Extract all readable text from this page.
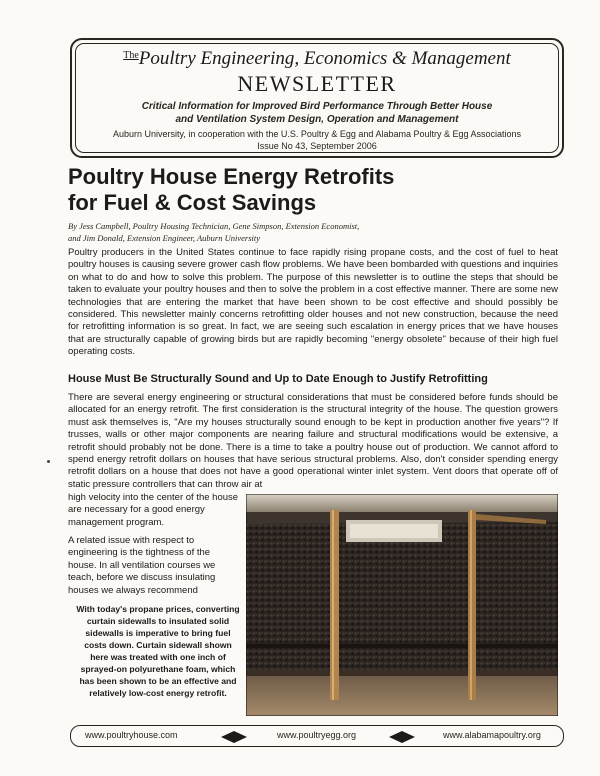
$^{The}$Poultry Engineering, Economics & Management
NEWSLETTER
Critical Information for Improved Bird Performance Through Better House
and Ventilation System Design, Operation and Management
Auburn University, in cooperation with the U.S. Poultry & Egg and Alabama Poultry & Egg Associations
Issue No 43, September 2006
Poultry House Energy Retrofits
for Fuel & Cost Savings
By Jess Campbell, Poultry Housing Technician, Gene Simpson, Extension Economist,
and Jim Donald, Extension Engineer, Auburn University

Poultry producers in the United States continue to face rapidly rising propane costs, and the cost of fuel to heat poultry houses is causing severe grower cash flow problems. We have been bombarded with questions and inquiries on what to do and how to solve this problem. The purpose of this newsletter is to outline the steps that should be taken to evaluate your poultry houses and then to solve the problem in a cost effective manner. There are some new technologies that are entering the market that have been shown to be cost effective and should possibly be considered. This newsletter mainly concerns retrofitting older houses and not new construction, because the need for retrofitting information is so great. In fact, we are seeing such escalation in energy prices that we have houses that are structurally capable of growing birds but are rapidly becoming "energy obsolete" because of their high fuel operating costs.

House Must Be Structurally Sound and Up to Date Enough to Justify Retrofitting

There are several energy engineering or structural considerations that must be considered before funds should be allocated for an energy retrofit. The first consideration is the structural integrity of the house. The question growers must ask themselves is, "Are my houses structurally sound enough to be kept in production another five years"? If trusses, walls or other major components are nearing failure and structural modifications would be extensive, a retrofit should probably not be done. There is a time to take a poultry house out of production. We cannot afford to spend energy retrofit dollars on houses that have serious structural problems. Also, don't consider spending energy retrofit dollars on a house that does not have a good operational winter inlet system. Vent doors that operate off of static pressure controllers that can throw air at

high velocity into the center of the house are necessary for a good energy management program.

A related issue with respect to engineering is the tightness of the house. In all ventilation courses we teach, before we discuss insulating houses we always recommend

With today's propane prices, converting curtain sidewalls to insulated solid sidewalls is imperative to bring fuel costs down. Curtain sidewall shown here was treated with one inch of sprayed-on polyurethane foam, which has been shown to be an effective and relatively low-cost energy retrofit.
www.poultryhouse.com	www.poultryegg.org	www.alabamapoultry.org
